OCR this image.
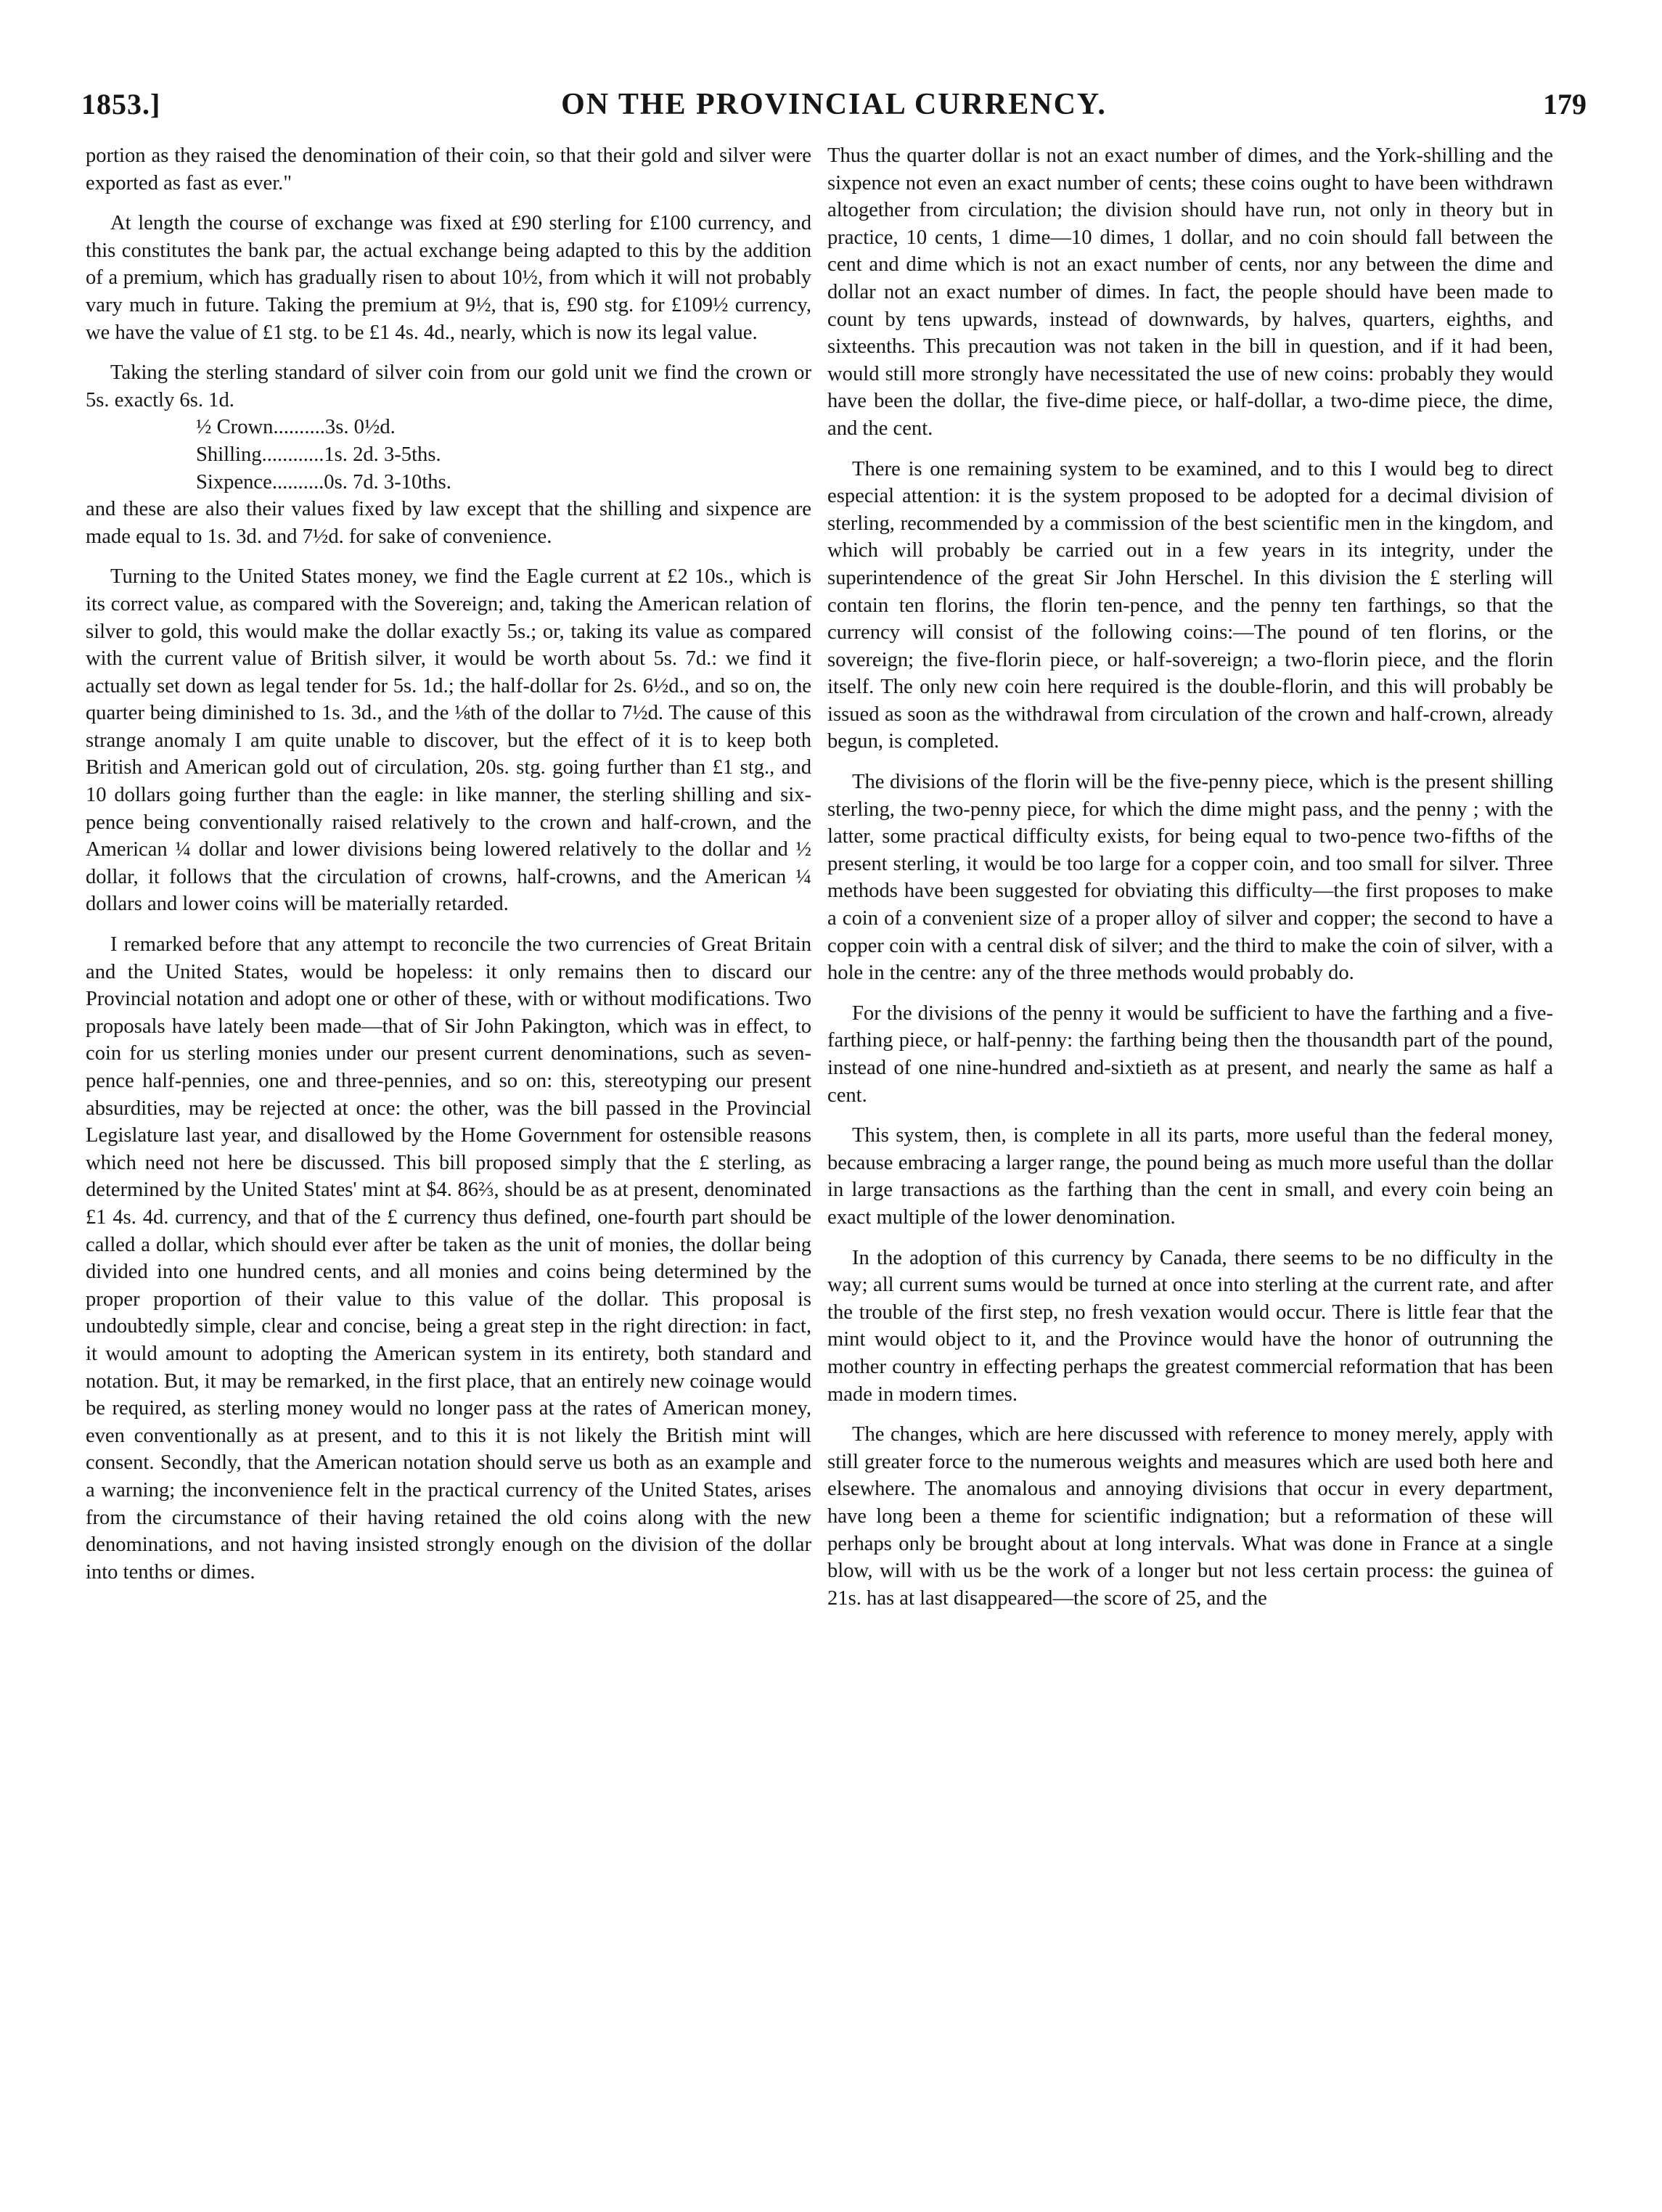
1853.]	ON THE PROVINCIAL CURRENCY.	179

portion as they raised the denomination of their coin, so that their gold and silver were exported as fast as ever."

At length the course of exchange was fixed at £90 sterling for £100 currency, and this constitutes the bank par, the actual exchange being adapted to this by the addition of a premium, which has gradually risen to about 10½, from which it will not probably vary much in future. Taking the premium at 9½, that is, £90 stg. for £109½ currency, we have the value of £1 stg. to be £1 4s. 4d., nearly, which is now its legal value.

Taking the sterling standard of silver coin from our gold unit we find the crown or 5s. exactly 6s. 1d.

½ Crown..........3s. 0½d.
Shilling............1s. 2d. 3-5ths.
Sixpence..........0s. 7d. 3-10ths.

and these are also their values fixed by law except that the shilling and sixpence are made equal to 1s. 3d. and 7½d. for sake of convenience.

Turning to the United States money, we find the Eagle current at £2 10s., which is its correct value, as compared with the Sovereign; and, taking the American relation of silver to gold, this would make the dollar exactly 5s.; or, taking its value as compared with the current value of British silver, it would be worth about 5s. 7d.: we find it actually set down as legal tender for 5s. 1d.; the half-dollar for 2s. 6½d., and so on, the quarter being diminished to 1s. 3d., and the ⅛th of the dollar to 7½d. The cause of this strange anomaly I am quite unable to discover, but the effect of it is to keep both British and American gold out of circulation, 20s. stg. going further than £1 stg., and 10 dollars going further than the eagle: in like manner, the sterling shilling and six-pence being conventionally raised relatively to the crown and half-crown, and the American ¼ dollar and lower divisions being lowered relatively to the dollar and ½ dollar, it follows that the circulation of crowns, half-crowns, and the American ¼ dollars and lower coins will be materially retarded.

I remarked before that any attempt to reconcile the two currencies of Great Britain and the United States, would be hopeless: it only remains then to discard our Provincial notation and adopt one or other of these, with or without modifications. Two proposals have lately been made—that of Sir John Pakington, which was in effect, to coin for us sterling monies under our present current denominations, such as seven-pence half-pennies, one and three-pennies, and so on: this, stereotyping our present absurdities, may be rejected at once: the other, was the bill passed in the Provincial Legislature last year, and disallowed by the Home Government for ostensible reasons which need not here be discussed. This bill proposed simply that the £ sterling, as determined by the United States' mint at $4. 86⅔, should be as at present, denominated £1 4s. 4d. currency, and that of the £ currency thus defined, one-fourth part should be called a dollar, which should ever after be taken as the unit of monies, the dollar being divided into one hundred cents, and all monies and coins being determined by the proper proportion of their value to this value of the dollar. This proposal is undoubtedly simple, clear and concise, being a great step in the right direction: in fact, it would amount to adopting the American system in its entirety, both standard and notation. But, it may be remarked, in the first place, that an entirely new coinage would be required, as sterling money would no longer pass at the rates of American money, even conventionally as at present, and to this it is not likely the British mint will consent. Secondly, that the American notation should serve us both as an example and a warning; the inconvenience felt in the practical currency of the United States, arises from the circumstance of their having retained the old coins along with the new denominations, and not having insisted strongly enough on the division of the dollar into tenths or dimes.

Thus the quarter dollar is not an exact number of dimes, and the York-shilling and the sixpence not even an exact number of cents; these coins ought to have been withdrawn altogether from circulation; the division should have run, not only in theory but in practice, 10 cents, 1 dime—10 dimes, 1 dollar, and no coin should fall between the cent and dime which is not an exact number of cents, nor any between the dime and dollar not an exact number of dimes. In fact, the people should have been made to count by tens upwards, instead of downwards, by halves, quarters, eighths, and sixteenths. This precaution was not taken in the bill in question, and if it had been, would still more strongly have necessitated the use of new coins: probably they would have been the dollar, the five-dime piece, or half-dollar, a two-dime piece, the dime, and the cent.

There is one remaining system to be examined, and to this I would beg to direct especial attention: it is the system proposed to be adopted for a decimal division of sterling, recommended by a commission of the best scientific men in the kingdom, and which will probably be carried out in a few years in its integrity, under the superintendence of the great Sir John Herschel. In this division the £ sterling will contain ten florins, the florin ten-pence, and the penny ten farthings, so that the currency will consist of the following coins:—The pound of ten florins, or the sovereign; the five-florin piece, or half-sovereign; a two-florin piece, and the florin itself. The only new coin here required is the double-florin, and this will probably be issued as soon as the withdrawal from circulation of the crown and half-crown, already begun, is completed.

The divisions of the florin will be the five-penny piece, which is the present shilling sterling, the two-penny piece, for which the dime might pass, and the penny ; with the latter, some practical difficulty exists, for being equal to two-pence two-fifths of the present sterling, it would be too large for a copper coin, and too small for silver. Three methods have been suggested for obviating this difficulty—the first proposes to make a coin of a convenient size of a proper alloy of silver and copper; the second to have a copper coin with a central disk of silver; and the third to make the coin of silver, with a hole in the centre: any of the three methods would probably do.

For the divisions of the penny it would be sufficient to have the farthing and a five-farthing piece, or half-penny: the farthing being then the thousandth part of the pound, instead of one nine-hundred and-sixtieth as at present, and nearly the same as half a cent.

This system, then, is complete in all its parts, more useful than the federal money, because embracing a larger range, the pound being as much more useful than the dollar in large transactions as the farthing than the cent in small, and every coin being an exact multiple of the lower denomination.

In the adoption of this currency by Canada, there seems to be no difficulty in the way; all current sums would be turned at once into sterling at the current rate, and after the trouble of the first step, no fresh vexation would occur. There is little fear that the mint would object to it, and the Province would have the honor of outrunning the mother country in effecting perhaps the greatest commercial reformation that has been made in modern times.

The changes, which are here discussed with reference to money merely, apply with still greater force to the numerous weights and measures which are used both here and elsewhere. The anomalous and annoying divisions that occur in every department, have long been a theme for scientific indignation; but a reformation of these will perhaps only be brought about at long intervals. What was done in France at a single blow, will with us be the work of a longer but not less certain process: the guinea of 21s. has at last disappeared—the score of 25, and the
